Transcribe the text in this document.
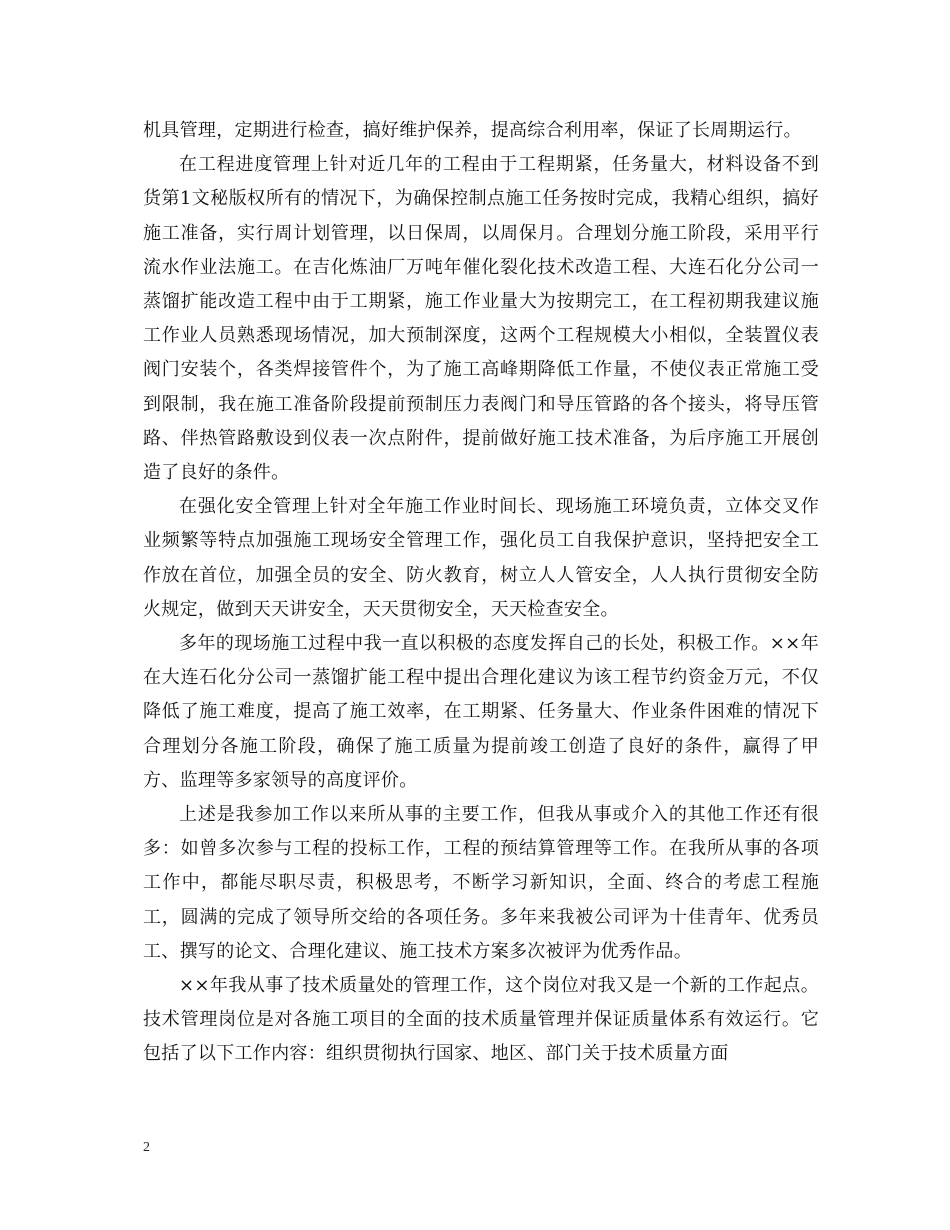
机具管理，定期进行检查，搞好维护保养，提高综合利用率，保证了长周期运行。

在工程进度管理上针对近几年的工程由于工程期紧，任务量大，材料设备不到货第1文秘版权所有的情况下，为确保控制点施工任务按时完成，我精心组织，搞好施工准备，实行周计划管理，以日保周，以周保月。合理划分施工阶段，采用平行流水作业法施工。在吉化炼油厂万吨年催化裂化技术改造工程、大连石化分公司一蒸馏扩能改造工程中由于工期紧，施工作业量大为按期完工，在工程初期我建议施工作业人员熟悉现场情况，加大预制深度，这两个工程规模大小相似，全装置仪表阀门安装个，各类焊接管件个，为了施工高峰期降低工作量，不使仪表正常施工受到限制，我在施工准备阶段提前预制压力表阀门和导压管路的各个接头，将导压管路、伴热管路敷设到仪表一次点附件，提前做好施工技术准备，为后序施工开展创造了良好的条件。

在强化安全管理上针对全年施工作业时间长、现场施工环境负责，立体交叉作业频繁等特点加强施工现场安全管理工作，强化员工自我保护意识，坚持把安全工作放在首位，加强全员的安全、防火教育，树立人人管安全，人人执行贯彻安全防火规定，做到天天讲安全，天天贯彻安全，天天检查安全。

多年的现场施工过程中我一直以积极的态度发挥自己的长处，积极工作。××年在大连石化分公司一蒸馏扩能工程中提出合理化建议为该工程节约资金万元，不仅降低了施工难度，提高了施工效率，在工期紧、任务量大、作业条件困难的情况下合理划分各施工阶段，确保了施工质量为提前竣工创造了良好的条件，赢得了甲方、监理等多家领导的高度评价。

上述是我参加工作以来所从事的主要工作，但我从事或介入的其他工作还有很多：如曾多次参与工程的投标工作，工程的预结算管理等工作。在我所从事的各项工作中，都能尽职尽责，积极思考，不断学习新知识，全面、终合的考虑工程施工，圆满的完成了领导所交给的各项任务。多年来我被公司评为十佳青年、优秀员工、撰写的论文、合理化建议、施工技术方案多次被评为优秀作品。

××年我从事了技术质量处的管理工作，这个岗位对我又是一个新的工作起点。技术管理岗位是对各施工项目的全面的技术质量管理并保证质量体系有效运行。它包括了以下工作内容：组织贯彻执行国家、地区、部门关于技术质量方面

2
